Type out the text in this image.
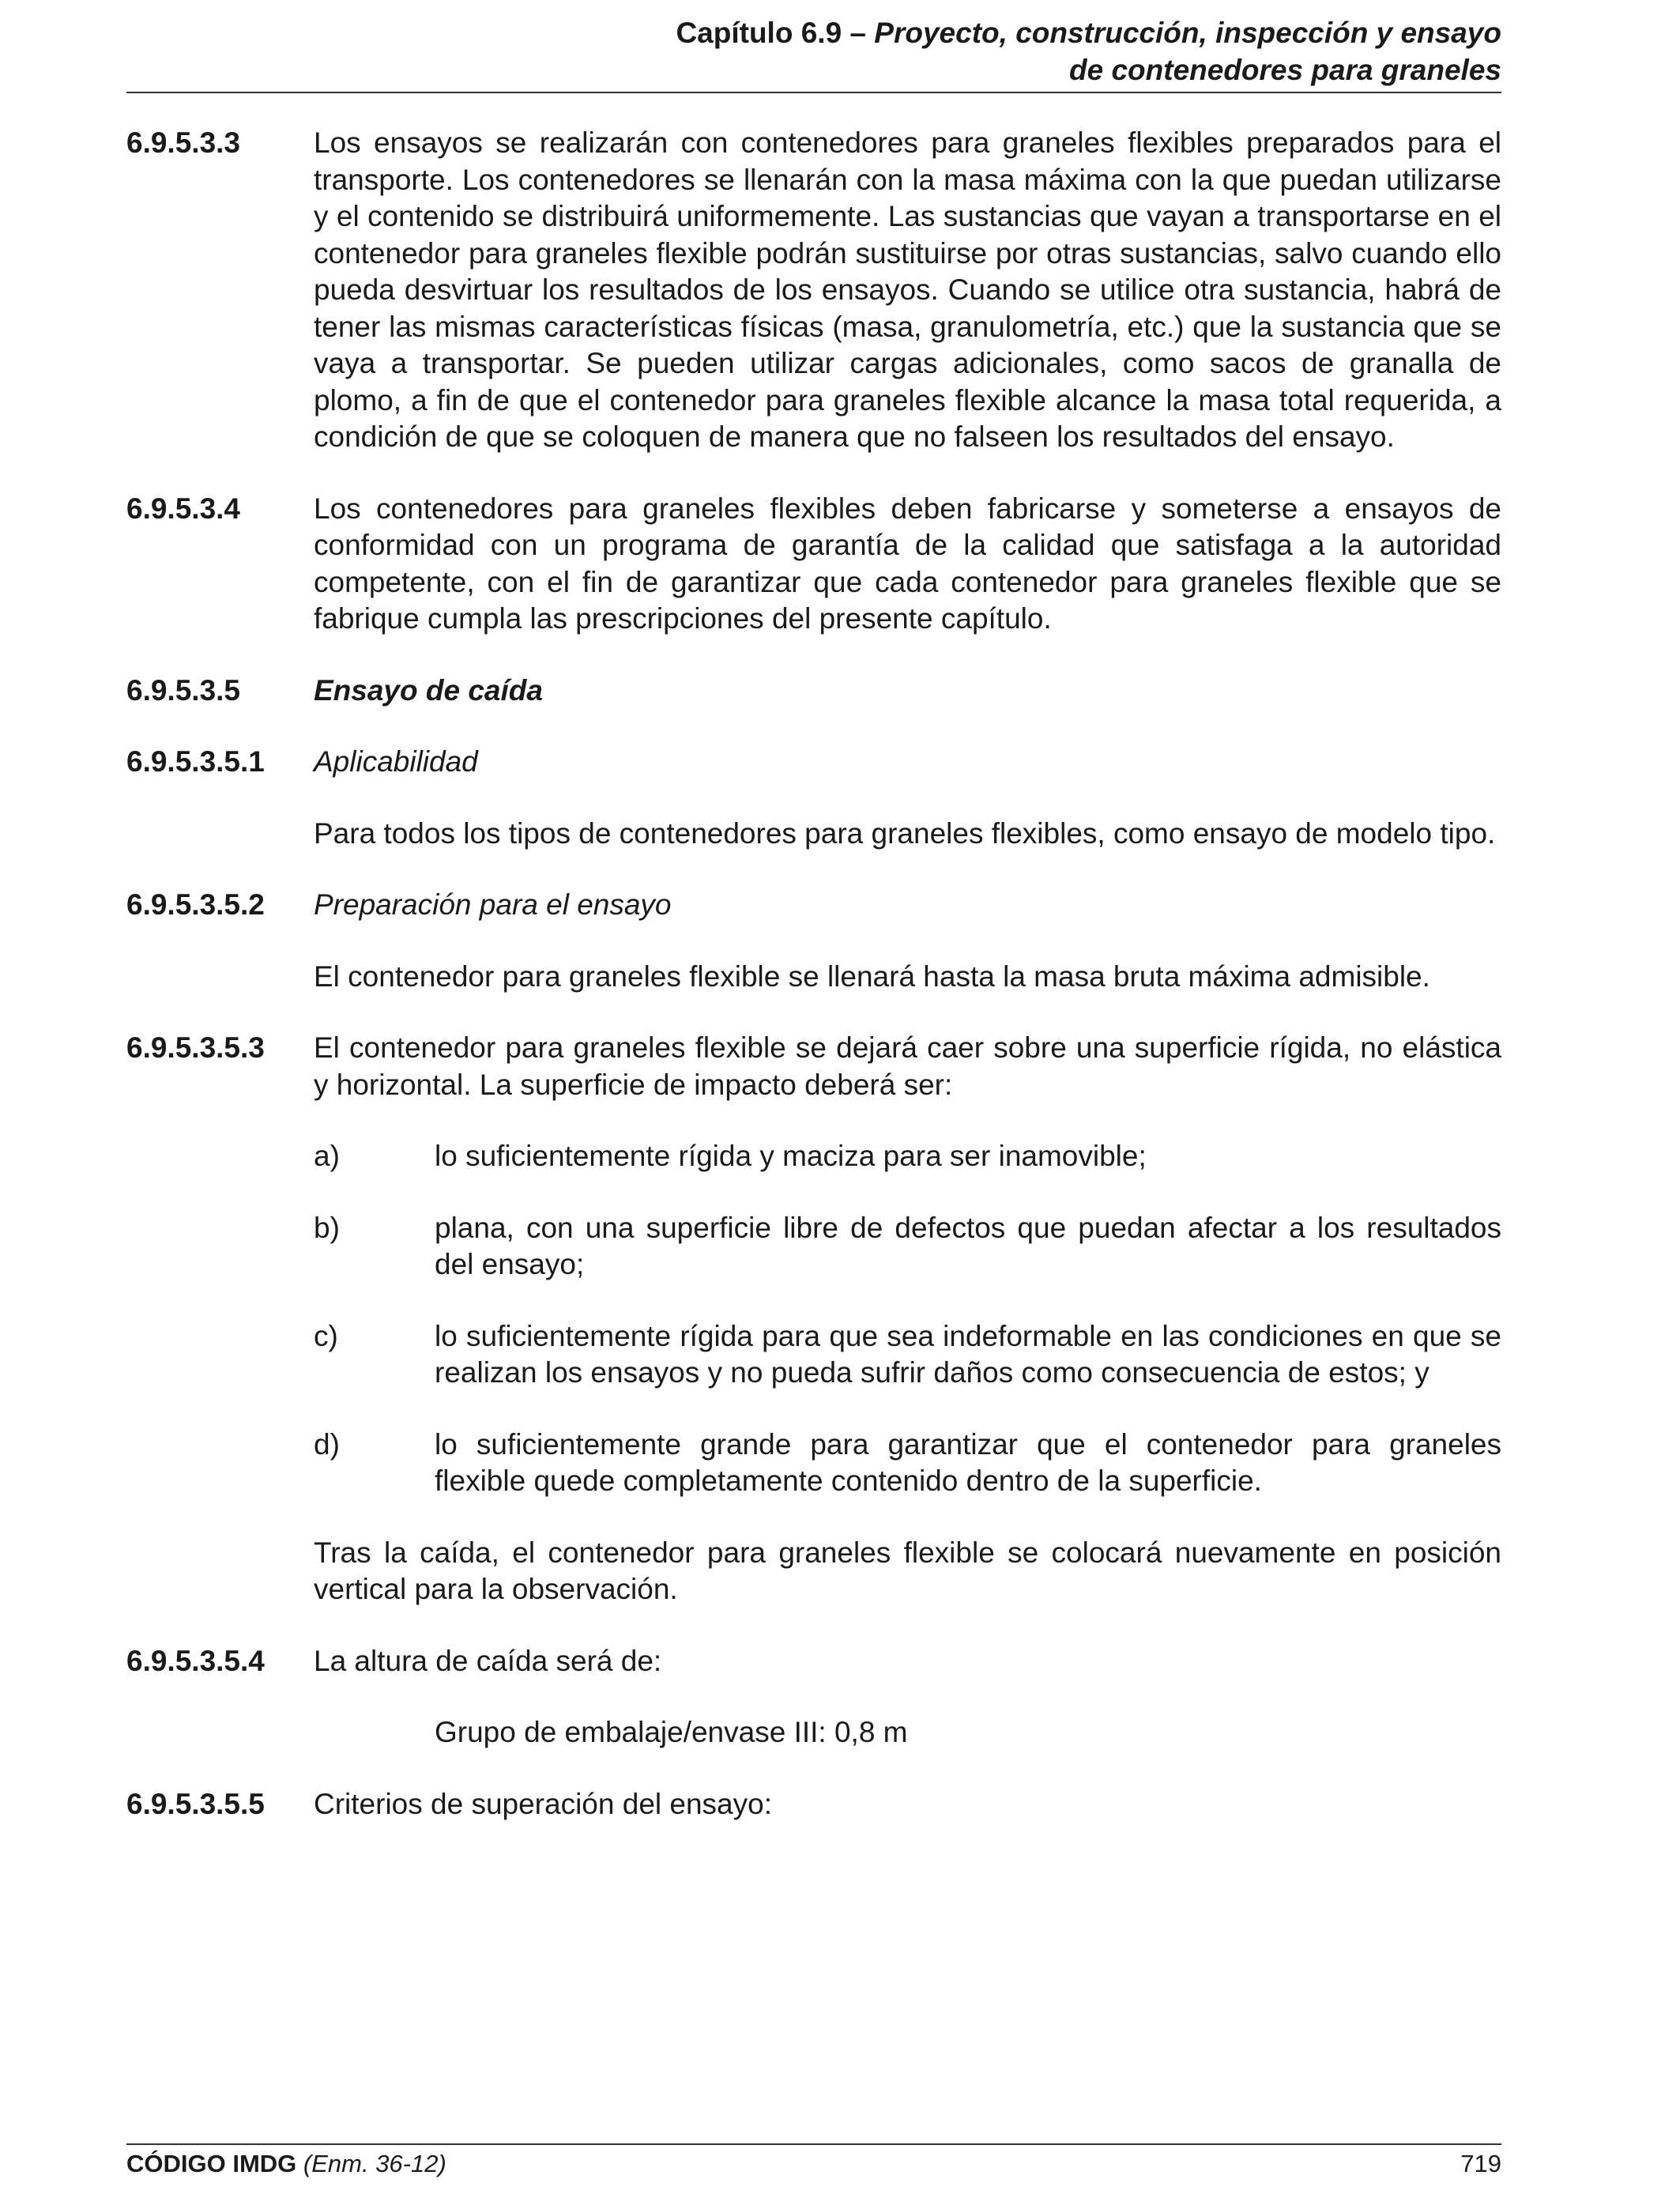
Capítulo 6.9 – Proyecto, construcción, inspección y ensayo
de contenedores para graneles
6.9.5.3.3	Los ensayos se realizarán con contenedores para graneles flexibles preparados para el transporte. Los contenedores se llenarán con la masa máxima con la que puedan utilizarse y el contenido se distribuirá uniformemente. Las sustancias que vayan a transportarse en el contenedor para graneles flexible podrán sustituirse por otras sustancias, salvo cuando ello pueda desvirtuar los resultados de los ensayos. Cuando se utilice otra sustancia, habrá de tener las mismas características físicas (masa, granulometría, etc.) que la sustancia que se vaya a transportar. Se pueden utilizar cargas adicionales, como sacos de granalla de plomo, a fin de que el contenedor para graneles flexible alcance la masa total requerida, a condición de que se coloquen de manera que no falseen los resultados del ensayo.
6.9.5.3.4	Los contenedores para graneles flexibles deben fabricarse y someterse a ensayos de conformidad con un programa de garantía de la calidad que satisfaga a la autoridad competente, con el fin de garantizar que cada contenedor para graneles flexible que se fabrique cumpla las prescripciones del presente capítulo.
6.9.5.3.5	Ensayo de caída
6.9.5.3.5.1	Aplicabilidad
Para todos los tipos de contenedores para graneles flexibles, como ensayo de modelo tipo.
6.9.5.3.5.2	Preparación para el ensayo
El contenedor para graneles flexible se llenará hasta la masa bruta máxima admisible.
6.9.5.3.5.3	El contenedor para graneles flexible se dejará caer sobre una superficie rígida, no elástica y horizontal. La superficie de impacto deberá ser:
a)	lo suficientemente rígida y maciza para ser inamovible;
b)	plana, con una superficie libre de defectos que puedan afectar a los resultados del ensayo;
c)	lo suficientemente rígida para que sea indeformable en las condiciones en que se realizan los ensayos y no pueda sufrir daños como consecuencia de estos; y
d)	lo suficientemente grande para garantizar que el contenedor para graneles flexible quede completamente contenido dentro de la superficie.
Tras la caída, el contenedor para graneles flexible se colocará nuevamente en posición vertical para la observación.
6.9.5.3.5.4	La altura de caída será de:
Grupo de embalaje/envase III: 0,8 m
6.9.5.3.5.5	Criterios de superación del ensayo:
CÓDIGO IMDG (Enm. 36-12)	719
